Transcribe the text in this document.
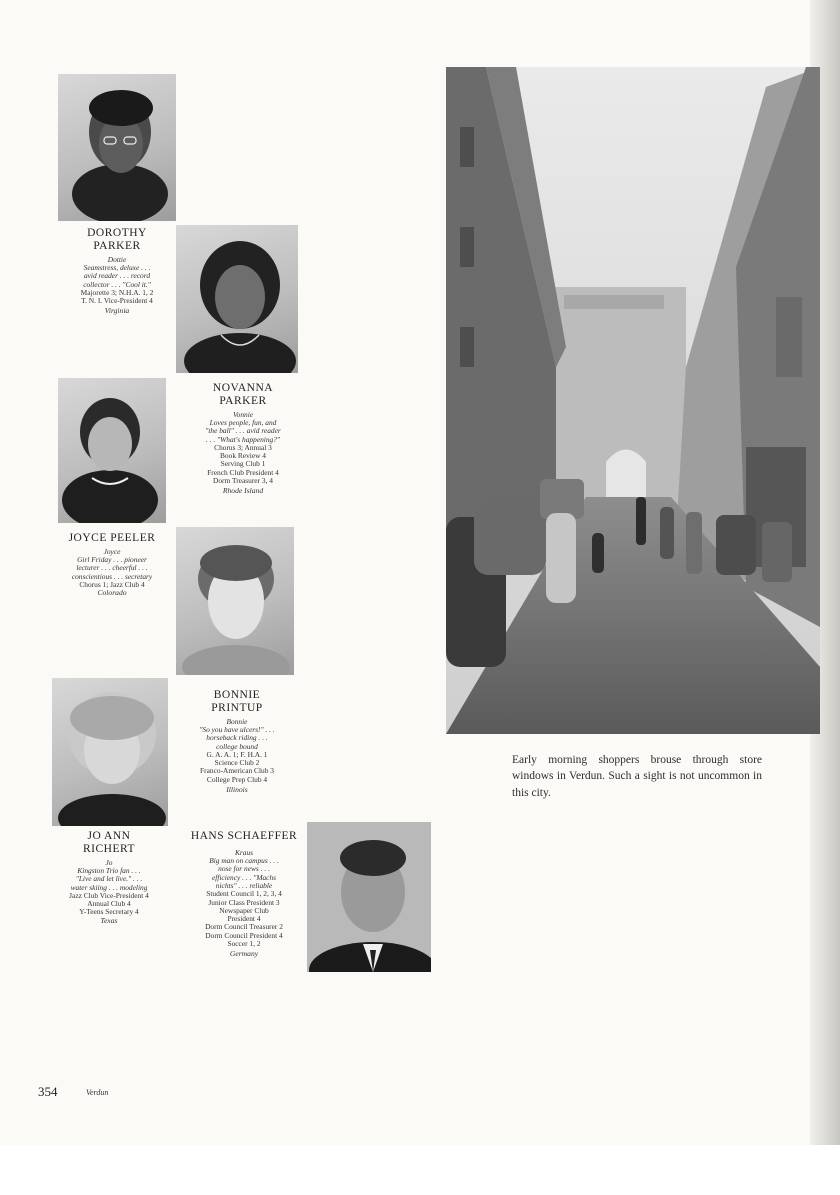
DOROTHY
PARKER
Dottie
Seamstress, deluxe . . .
avid reader . . . record
collector . . . "Cool it."
Majorette 3; N.H.A. 1, 2
T. N. I. Vice-President 4
Virginia
NOVANNA
PARKER
Vonnie
Loves people, fun, and
"the ball" . . . avid reader
. . . "What's happening?"
Chorus 3; Annual 3
Book Review 4
Serving Club 1
French Club President 4
Dorm Treasurer 3, 4
Rhode Island
JOYCE PEELER
Joyce
Girl Friday . . . pioneer
lecturer . . . cheerful . . .
conscientious . . . secretary
Chorus 1; Jazz Club 4
Colorado
BONNIE
PRINTUP
Bonnie
"So you have ulcers!" . . .
horseback riding . . .
college bound
G. A. A. 1; F. H.A. 1
Science Club 2
Franco-American Club 3
College Prep Club 4
Illinois
JO ANN
RICHERT
Jo
Kingston Trio fan . . .
"Live and let live." . . .
water skiing . . . modeling
Jazz Club Vice-President 4
Annual Club 4
Y-Teens Secretary 4
Texas
HANS SCHAEFFER
Kraus
Big man on campus . . .
nose for news . . .
efficiency . . . "Machs
nichts" . . . reliable
Student Council 1, 2, 3, 4
Junior Class President 3
Newspaper Club
President 4
Dorm Council Treasurer 2
Dorm Council President 4
Soccer 1, 2
Germany
Early morning shoppers brouse through store windows in Verdun. Such a sight is not uncommon in this city.
354	Verdun
